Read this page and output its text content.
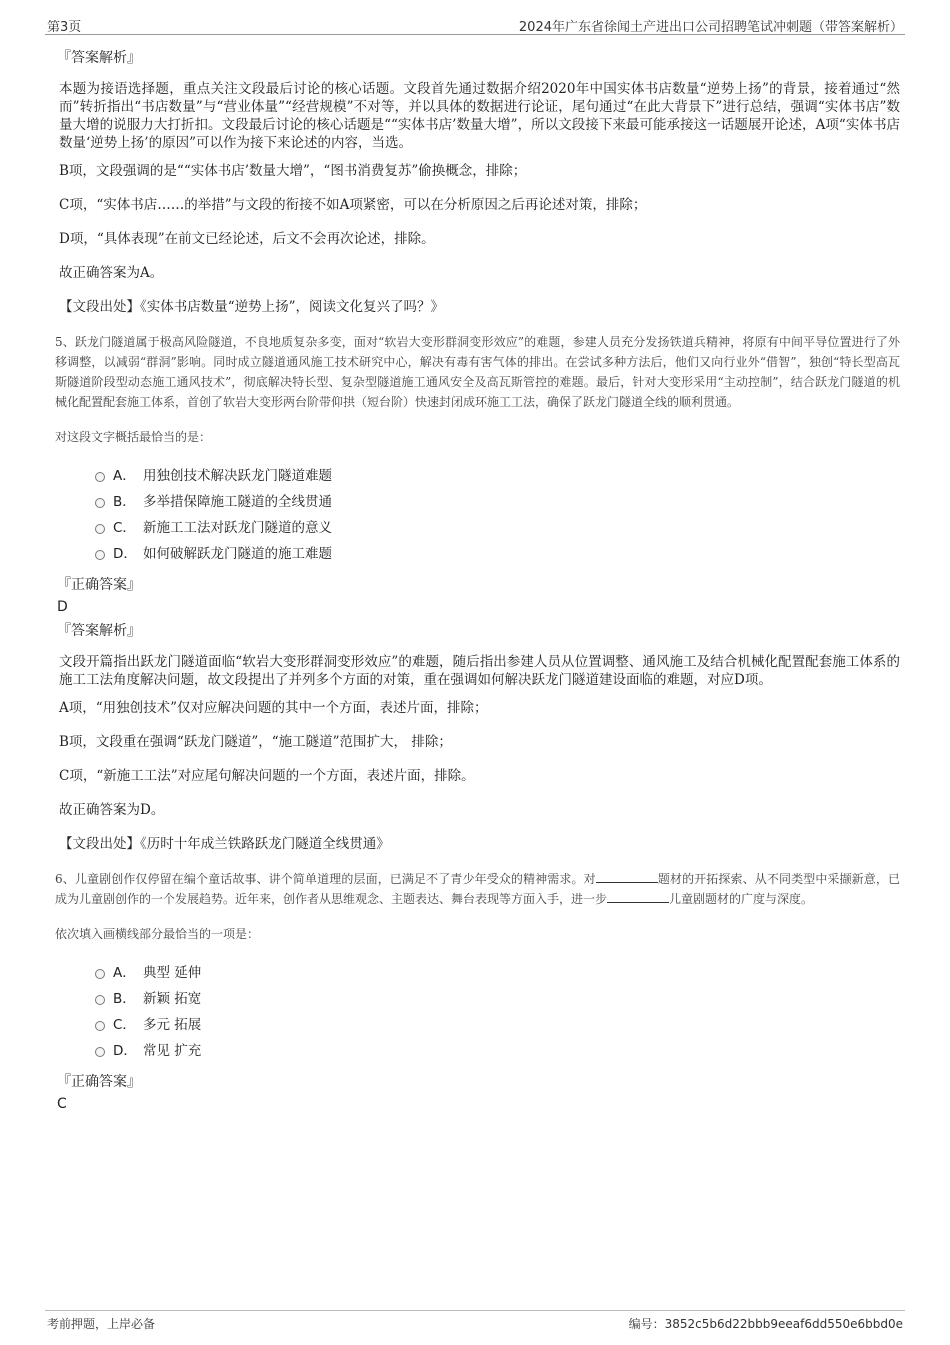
第3页	2024年广东省徐闻土产进出口公司招聘笔试冲刺题（带答案解析）
『答案解析』
本题为接语选择题，重点关注文段最后讨论的核心话题。文段首先通过数据介绍2020年中国实体书店数量“逆势上扬”的背景，接着通过“然而”转折指出“书店数量”与“营业体量”“经营规模”不对等，并以具体的数据进行论证，尾句通过“在此大背景下”进行总结，强调“实体书店”数量大增的说服力大打折扣。文段最后讨论的核心话题是““实体书店’数量大增”，所以文段接下来最可能承接这一话题展开论述，A项“实体书店数量‘逆势上扬’的原因”可以作为接下来论述的内容，当选。
B项，文段强调的是““实体书店’数量大增”，“图书消费复苏”偷换概念，排除；
C项，“实体书店……的举措”与文段的衔接不如A项紧密，可以在分析原因之后再论述对策，排除；
D项，“具体表现”在前文已经论述，后文不会再次论述，排除。
故正确答案为A。
【文段出处】《实体书店数量“逆势上扬”，阅读文化复兴了吗？》
5、跃龙门隧道属于极高风险隧道，不良地质复杂多变，面对“软岩大变形群洞变形效应”的难题，参建人员充分发扬铁道兵精神，将原有中间平导位置进行了外移调整，以减弱“群洞”影响。同时成立隧道通风施工技术研究中心，解决有毒有害气体的排出。在尝试多种方法后，他们又向行业外“借智”，独创“特长型高瓦斯隧道阶段型动态施工通风技术”，彻底解决特长型、复杂型隧道施工通风安全及高瓦斯管控的难题。最后，针对大变形采用“主动控制”，结合跃龙门隧道的机械化配置配套施工体系，首创了软岩大变形两台阶带仰拱（短台阶）快速封闭成环施工工法，确保了跃龙门隧道全线的顺利贯通。
对这段文字概括最恰当的是：
A． 用独创技术解决跃龙门隧道难题
B． 多举措保障施工隧道的全线贯通
C． 新施工工法对跃龙门隧道的意义
D． 如何破解跃龙门隧道的施工难题
『正确答案』
D
『答案解析』
文段开篇指出跃龙门隧道面临“软岩大变形群洞变形效应”的难题，随后指出参建人员从位置调整、通风施工及结合机械化配置配套施工体系的施工工法角度解决问题，故文段提出了并列多个方面的对策，重在强调如何解决跃龙门隧道建设面临的难题，对应D项。
A项，“用独创技术”仅对应解决问题的其中一个方面，表述片面，排除；
B项，文段重在强调“跃龙门隧道”，“施工隧道”范围扩大， 排除；
C项，“新施工工法”对应尾句解决问题的一个方面，表述片面，排除。
故正确答案为D。
【文段出处】《历时十年成兰铁路跃龙门隧道全线贯通》
6、儿童剧创作仅停留在编个童话故事、讲个简单道理的层面，已满足不了青少年受众的精神需求。对	题材的开拓探索、从不同类型中采撷新意，已成为儿童剧创作的一个发展趋势。近年来，创作者从思维观念、主题表达、舞台表现等方面入手，进一步	儿童剧题材的广度与深度。
依次填入画横线部分最恰当的一项是：
A． 典型 延伸
B． 新颖 拓宽
C． 多元 拓展
D． 常见 扩充
『正确答案』
C
考前押题，上岸必备	编号：3852c5b6d22bbb9eeaf6dd550e6bbd0e
